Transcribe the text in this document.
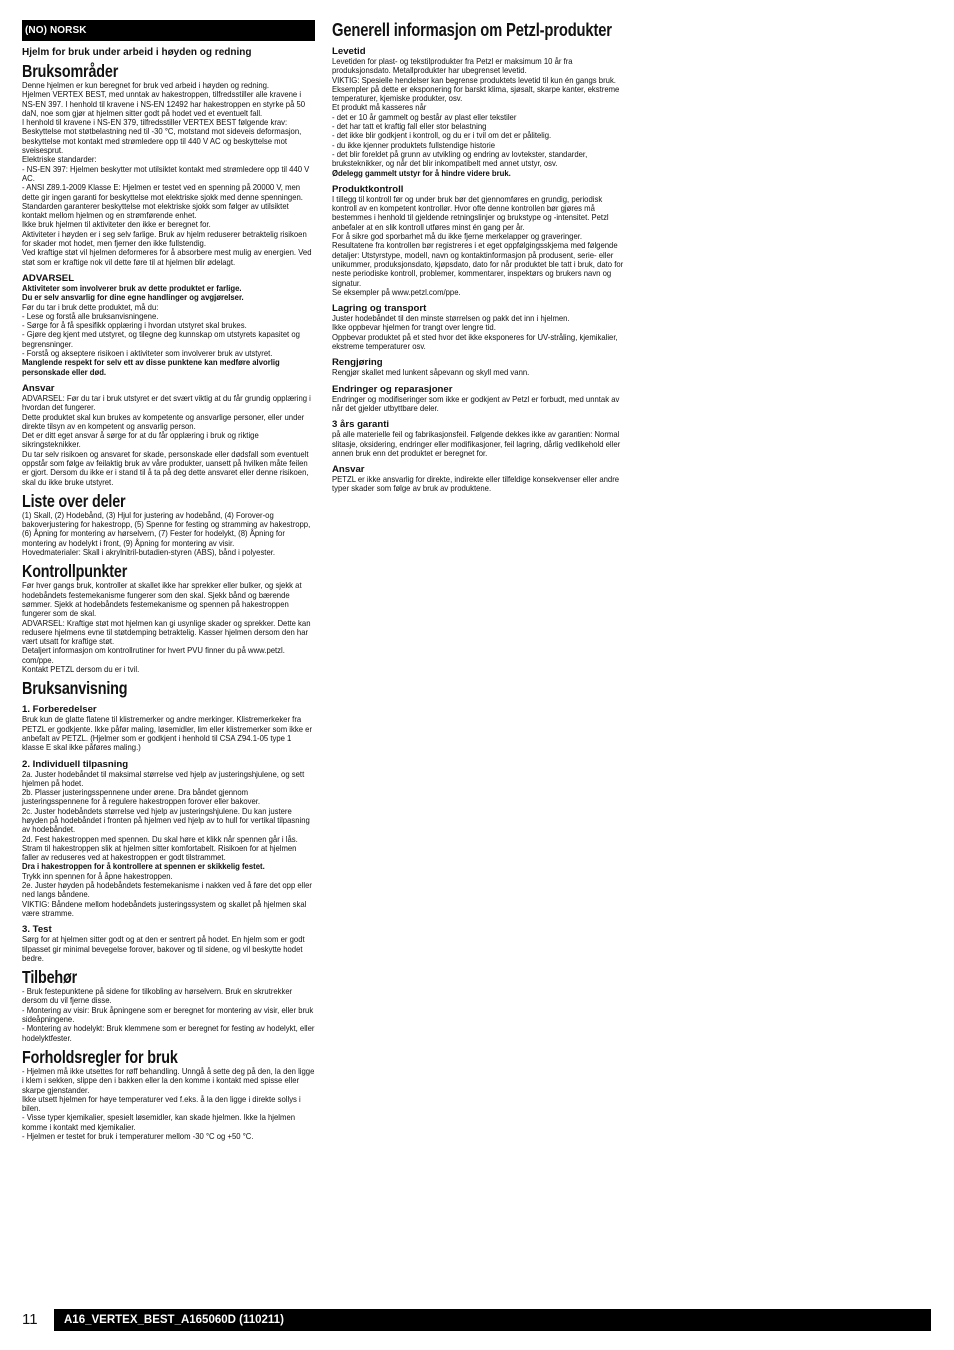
(NO) NORSK
Hjelm for bruk under arbeid i høyden og redning
Bruksområder

Denne hjelmen er kun beregnet for bruk ved arbeid i høyden og redning.
Hjelmen VERTEX BEST, med unntak av hakestroppen, tilfredsstiller alle kravene i NS-EN 397. I henhold til kravene i NS-EN 12492 har hakestroppen en styrke på 50 daN, noe som gjør at hjelmen sitter godt på hodet ved et eventuelt fall.
I henhold til kravene i NS-EN 379, tilfredsstiller VERTEX BEST følgende krav: Beskyttelse mot støtbelastning ned til -30 °C, motstand mot sideveis deformasjon, beskyttelse mot kontakt med strømledere opp til 440 V AC og beskyttelse mot sveisesprut.
Elektriske standarder:
- NS-EN 397: Hjelmen beskytter mot utilsiktet kontakt med strømledere opp til 440 V AC.
- ANSI Z89.1-2009 Klasse E: Hjelmen er testet ved en spenning på 20000 V, men dette gir ingen garanti for beskyttelse mot elektriske sjokk med denne spenningen. Standarden garanterer beskyttelse mot elektriske sjokk som følger av utilsiktet kontakt mellom hjelmen og en strømførende enhet.
Ikke bruk hjelmen til aktiviteter den ikke er beregnet for.
Aktiviteter i høyden er i seg selv farlige. Bruk av hjelm reduserer betraktelig risikoen for skader mot hodet, men fjerner den ikke fullstendig.
Ved kraftige støt vil hjelmen deformeres for å absorbere mest mulig av energien. Ved støt som er kraftige nok vil dette føre til at hjelmen blir ødelagt.

ADVARSEL

Aktiviteter som involverer bruk av dette produktet er farlige.
Du er selv ansvarlig for dine egne handlinger og avgjørelser.

Før du tar i bruk dette produktet, må du:
- Lese og forstå alle bruksanvisningene.
- Sørge for å få spesifikk opplæring i hvordan utstyret skal brukes.
- Gjøre deg kjent med utstyret, og tilegne deg kunnskap om utstyrets kapasitet og begrensninger.
- Forstå og akseptere risikoen i aktiviteter som involverer bruk av utstyret.

Manglende respekt for selv ett av disse punktene kan medføre alvorlig personskade eller død.

Ansvar

ADVARSEL: Før du tar i bruk utstyret er det svært viktig at du får grundig opplæring i hvordan det fungerer.
Dette produktet skal kun brukes av kompetente og ansvarlige personer, eller under direkte tilsyn av en kompetent og ansvarlig person.
Det er ditt eget ansvar å sørge for at du får opplæring i bruk og riktige sikringsteknikker.
Du tar selv risikoen og ansvaret for skade, personskade eller dødsfall som eventuelt oppstår som følge av feilaktig bruk av våre produkter, uansett på hvilken måte feilen er gjort. Dersom du ikke er i stand til å ta på deg dette ansvaret eller denne risikoen, skal du ikke bruke utstyret.

Liste over deler

(1) Skall, (2) Hodebånd, (3) Hjul for justering av hodebånd, (4) Forover-og bakoverjustering for hakestropp, (5) Spenne for festing og stramming av hakestropp, (6) Åpning for montering av hørselvern, (7) Fester for hodelykt, (8) Åpning for montering av hodelykt i front, (9) Åpning for montering av visir.
Hovedmaterialer: Skall i akrylnitril-butadien-styren (ABS), bånd i polyester.

Kontrollpunkter

Før hver gangs bruk, kontroller at skallet ikke har sprekker eller bulker, og sjekk at hodebåndets festemekanisme fungerer som den skal. Sjekk bånd og bærende sømmer. Sjekk at hodebåndets festemekanisme og spennen på hakestroppen fungerer som de skal.
ADVARSEL: Kraftige støt mot hjelmen kan gi usynlige skader og sprekker. Dette kan redusere hjelmens evne til støtdemping betraktelig. Kasser hjelmen dersom den har vært utsatt for kraftige støt.
Detaljert informasjon om kontrollrutiner for hvert PVU finner du på www.petzl. com/ppe.
Kontakt PETZL dersom du er i tvil.

Bruksanvisning
1. Forberedelser

Bruk kun de glatte flatene til klistremerker og andre merkinger. Klistremerkeker fra PETZL er godkjente. Ikke påfør maling, løsemidler, lim eller klistremerker som ikke er anbefalt av PETZL. (Hjelmer som er godkjent i henhold til CSA Z94.1-05 type 1 klasse E skal ikke påføres maling.)

2. Individuell tilpasning

2a. Juster hodebåndet til maksimal størrelse ved hjelp av justeringshjulene, og sett hjelmen på hodet.
2b. Plasser justeringsspennene under ørene. Dra båndet gjennom justeringsspennene for å regulere hakestroppen forover eller bakover.
2c. Juster hodebåndets størrelse ved hjelp av justeringshjulene. Du kan justere høyden på hodebåndet i fronten på hjelmen ved hjelp av to hull for vertikal tilpasning av hodebåndet.
2d. Fest hakestroppen med spennen. Du skal høre et klikk når spennen går i lås. Stram til hakestroppen slik at hjelmen sitter komfortabelt. Risikoen for at hjelmen faller av reduseres ved at hakestroppen er godt tilstrammet.

Dra i hakestroppen for å kontrollere at spennen er skikkelig festet.

Trykk inn spennen for å åpne hakestroppen.
2e. Juster høyden på hodebåndets festemekanisme i nakken ved å føre det opp eller ned langs båndene.
VIKTIG: Båndene mellom hodebåndets justeringssystem og skallet på hjelmen skal være stramme.

3. Test

Sørg for at hjelmen sitter godt og at den er sentrert på hodet. En hjelm som er godt tilpasset gir minimal bevegelse forover, bakover og til sidene, og vil beskytte hodet bedre.

Tilbehør

- Bruk festepunktene på sidene for tilkobling av hørselvern. Bruk en skrutrekker dersom du vil fjerne disse.
- Montering av visir: Bruk åpningene som er beregnet for montering av visir, eller bruk sideåpningene.
- Montering av hodelykt: Bruk klemmene som er beregnet for festing av hodelykt, eller hodelyktfester.

Forholdsregler for bruk

- Hjelmen må ikke utsettes for røff behandling. Unngå å sette deg på den, la den ligge i klem i sekken, slippe den i bakken eller la den komme i kontakt med spisse eller skarpe gjenstander.
Ikke utsett hjelmen for høye temperaturer ved f.eks. å la den ligge i direkte sollys i bilen.
- Visse typer kjemikalier, spesielt løsemidler, kan skade hjelmen. Ikke la hjelmen komme i kontakt med kjemikalier.
- Hjelmen er testet for bruk i temperaturer mellom -30 °C og +50 °C.

Generell informasjon om Petzl-produkter
Levetid

Levetiden for plast- og tekstilprodukter fra Petzl er maksimum 10 år fra produksjonsdato. Metallprodukter har ubegrenset levetid.
VIKTIG: Spesielle hendelser kan begrense produktets levetid til kun én gangs bruk. Eksempler på dette er eksponering for barskt klima, sjøsalt, skarpe kanter, ekstreme temperaturer, kjemiske produkter, osv.
Et produkt må kasseres når
- det er 10 år gammelt og består av plast eller tekstiler
- det har tatt et kraftig fall eller stor belastning
- det ikke blir godkjent i kontroll, og du er i tvil om det er pålitelig.
- du ikke kjenner produktets fullstendige historie
- det blir foreldet på grunn av utvikling og endring av lovtekster, standarder, bruksteknikker, og når det blir inkompatibelt med annet utstyr, osv.

Ødelegg gammelt utstyr for å hindre videre bruk.

Produktkontroll

I tillegg til kontroll før og under bruk bør det gjennomføres en grundig, periodisk kontroll av en kompetent kontrollør. Hvor ofte denne kontrollen bør gjøres må bestemmes i henhold til gjeldende retningslinjer og brukstype og -intensitet. Petzl anbefaler at en slik kontroll utføres minst én gang per år.
For å sikre god sporbarhet må du ikke fjerne merkelapper og graveringer.
Resultatene fra kontrollen bør registreres i et eget oppfølgingsskjema med følgende detaljer: Utstyrstype, modell, navn og kontaktinformasjon på produsent, serie- eller unikummer, produksjonsdato, kjøpsdato, dato for når produktet ble tatt i bruk, dato for neste periodiske kontroll, problemer, kommentarer, inspektørs og brukers navn og signatur.
Se eksempler på www.petzl.com/ppe.

Lagring og transport

Juster hodebåndet til den minste størrelsen og pakk det inn i hjelmen.
Ikke oppbevar hjelmen for trangt over lengre tid.
Oppbevar produktet på et sted hvor det ikke eksponeres for UV-stråling, kjemikalier, ekstreme temperaturer osv.

Rengjøring

Rengjør skallet med lunkent såpevann og skyll med vann.

Endringer og reparasjoner

Endringer og modifiseringer som ikke er godkjent av Petzl er forbudt, med unntak av når det gjelder utbyttbare deler.

3 års garanti

på alle materielle feil og fabrikasjonsfeil. Følgende dekkes ikke av garantien: Normal slitasje, oksidering, endringer eller modifikasjoner, feil lagring, dårlig vedlikehold eller annen bruk enn det produktet er beregnet for.

Ansvar

PETZL er ikke ansvarlig for direkte, indirekte eller tilfeldige konsekvenser eller andre typer skader som følge av bruk av produktene.

11	A16_VERTEX_BEST_A165060D (110211)
